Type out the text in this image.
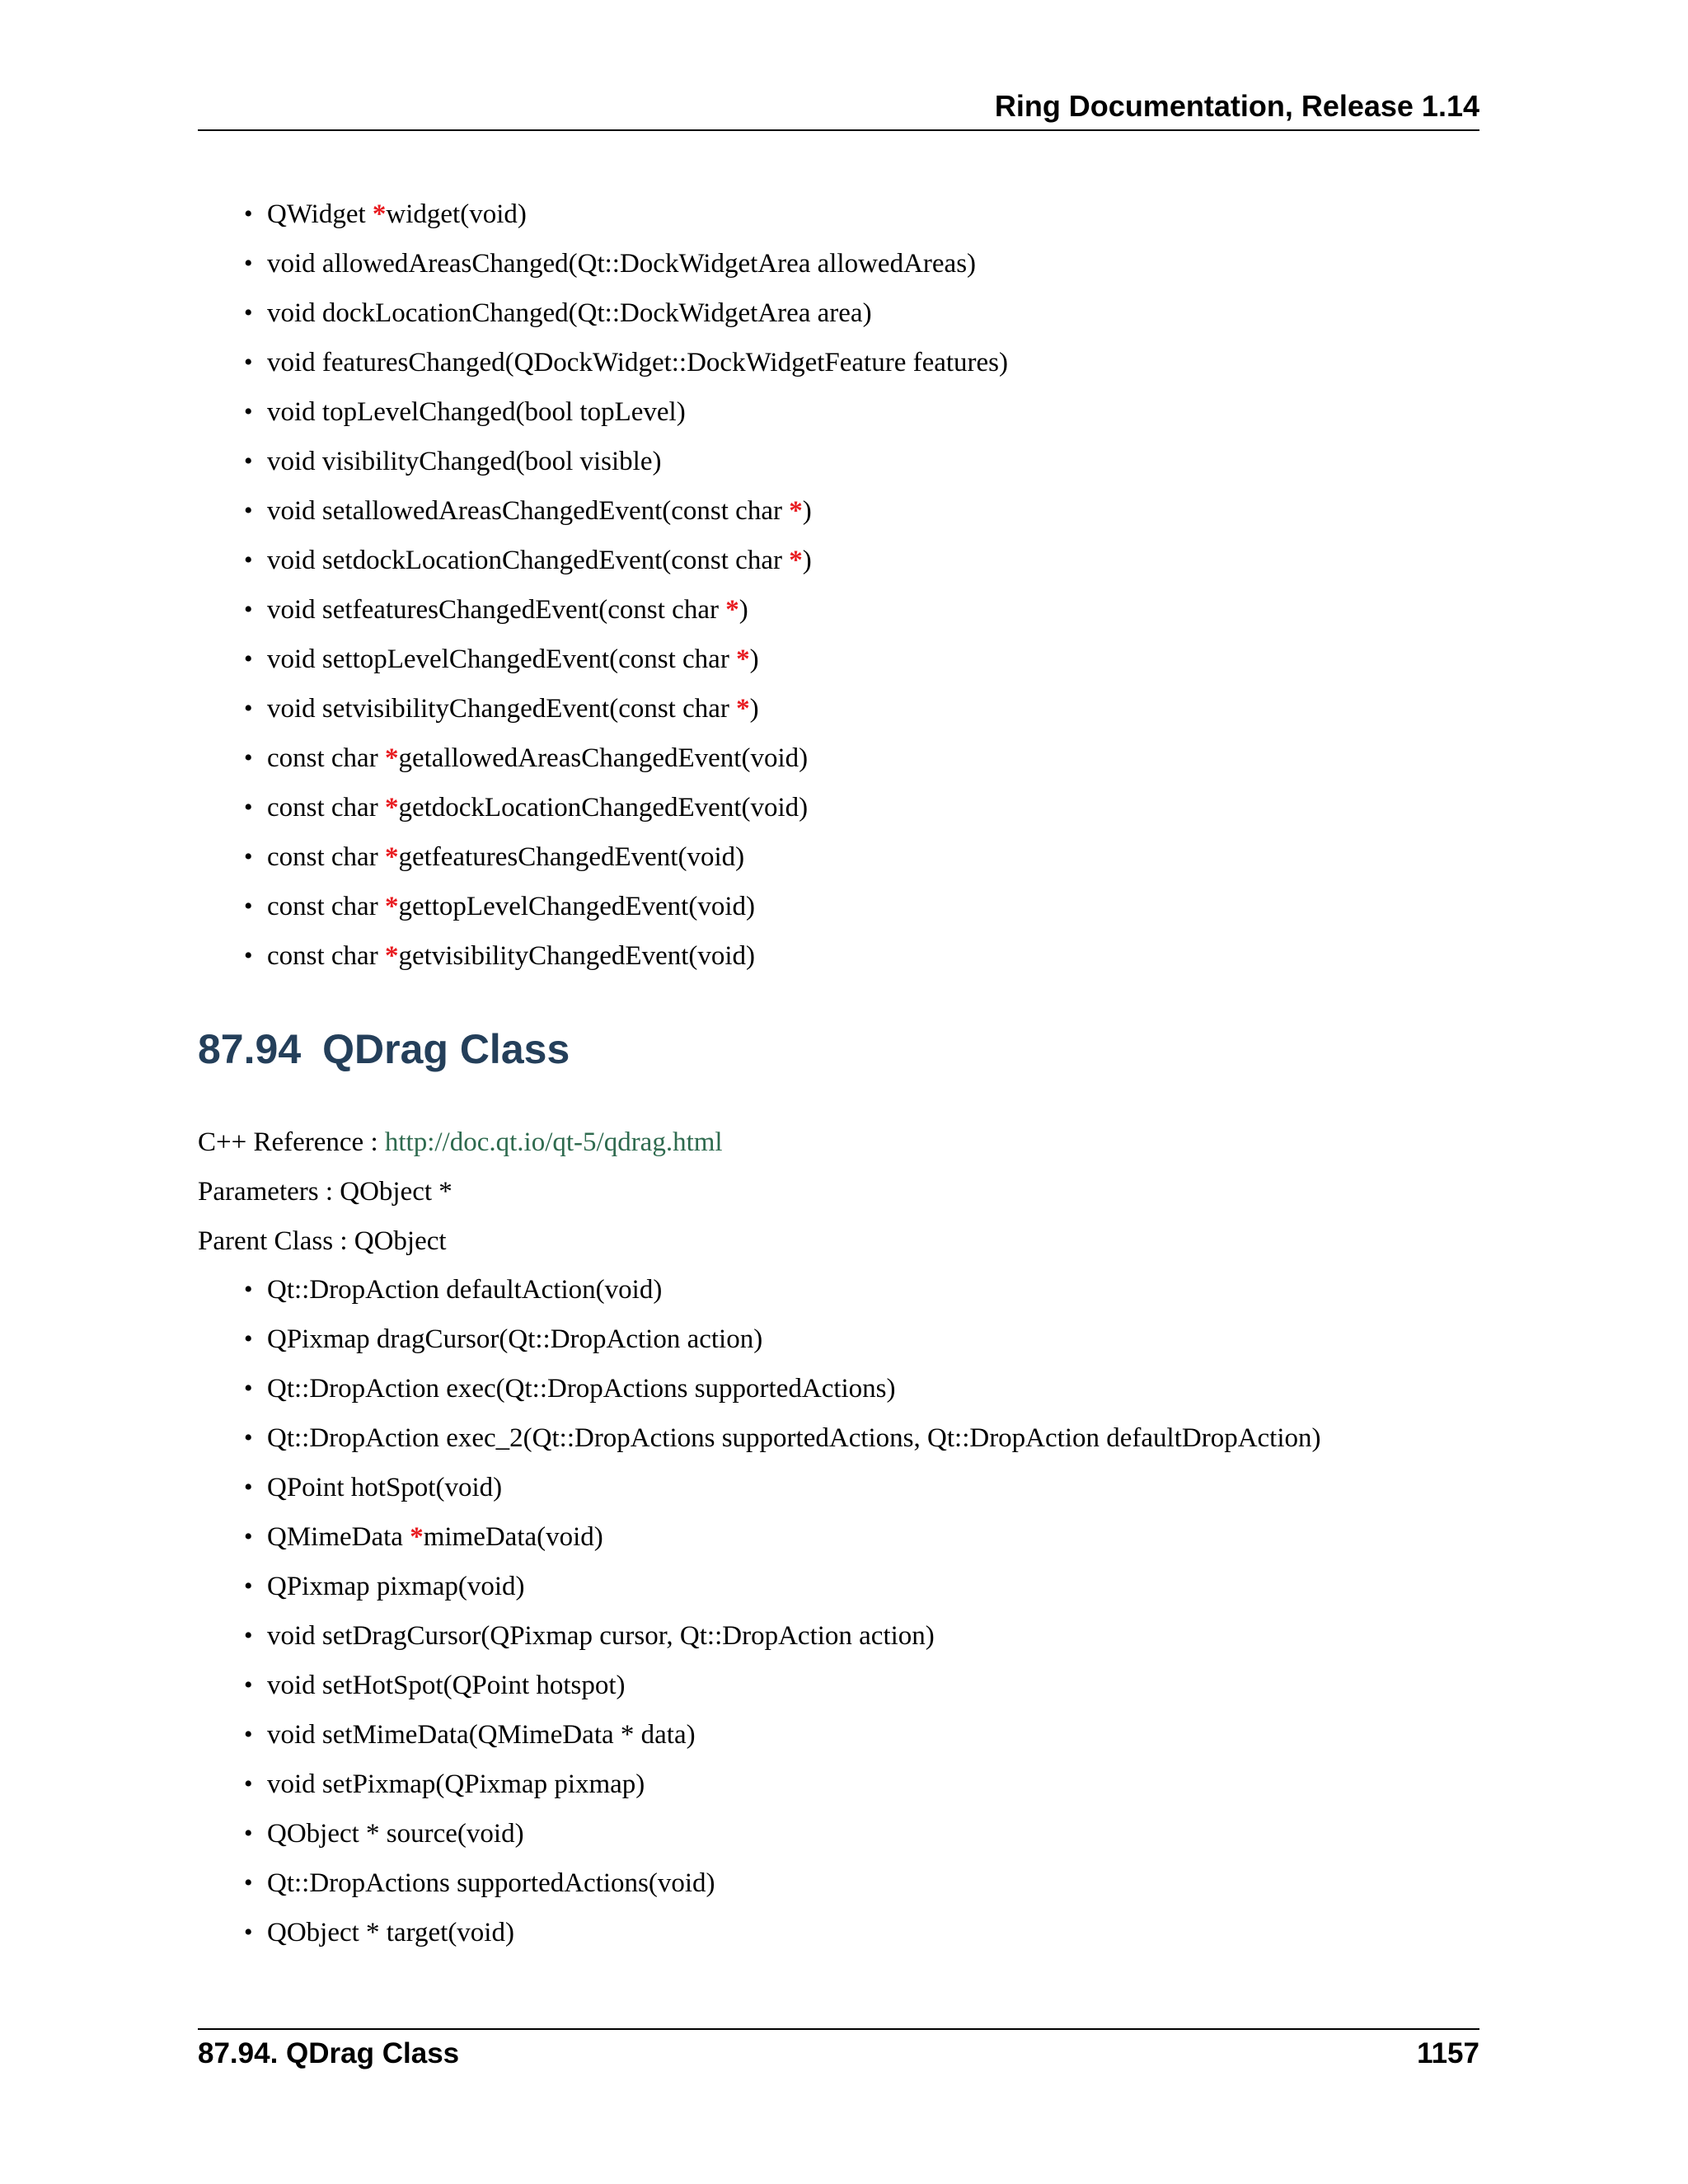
Ring Documentation, Release 1.14
• QWidget *widget(void)
• void allowedAreasChanged(Qt::DockWidgetArea allowedAreas)
• void dockLocationChanged(Qt::DockWidgetArea area)
• void featuresChanged(QDockWidget::DockWidgetFeature features)
• void topLevelChanged(bool topLevel)
• void visibilityChanged(bool visible)
• void setallowedAreasChangedEvent(const char *)
• void setdockLocationChangedEvent(const char *)
• void setfeaturesChangedEvent(const char *)
• void settopLevelChangedEvent(const char *)
• void setvisibilityChangedEvent(const char *)
• const char *getallowedAreasChangedEvent(void)
• const char *getdockLocationChangedEvent(void)
• const char *getfeaturesChangedEvent(void)
• const char *gettopLevelChangedEvent(void)
• const char *getvisibilityChangedEvent(void)
87.94 QDrag Class
C++ Reference : http://doc.qt.io/qt-5/qdrag.html
Parameters : QObject *
Parent Class : QObject
• Qt::DropAction defaultAction(void)
• QPixmap dragCursor(Qt::DropAction action)
• Qt::DropAction exec(Qt::DropActions supportedActions)
• Qt::DropAction exec_2(Qt::DropActions supportedActions, Qt::DropAction defaultDropAction)
• QPoint hotSpot(void)
• QMimeData *mimeData(void)
• QPixmap pixmap(void)
• void setDragCursor(QPixmap cursor, Qt::DropAction action)
• void setHotSpot(QPoint hotspot)
• void setMimeData(QMimeData * data)
• void setPixmap(QPixmap pixmap)
• QObject * source(void)
• Qt::DropActions supportedActions(void)
• QObject * target(void)
87.94. QDrag Class	1157
